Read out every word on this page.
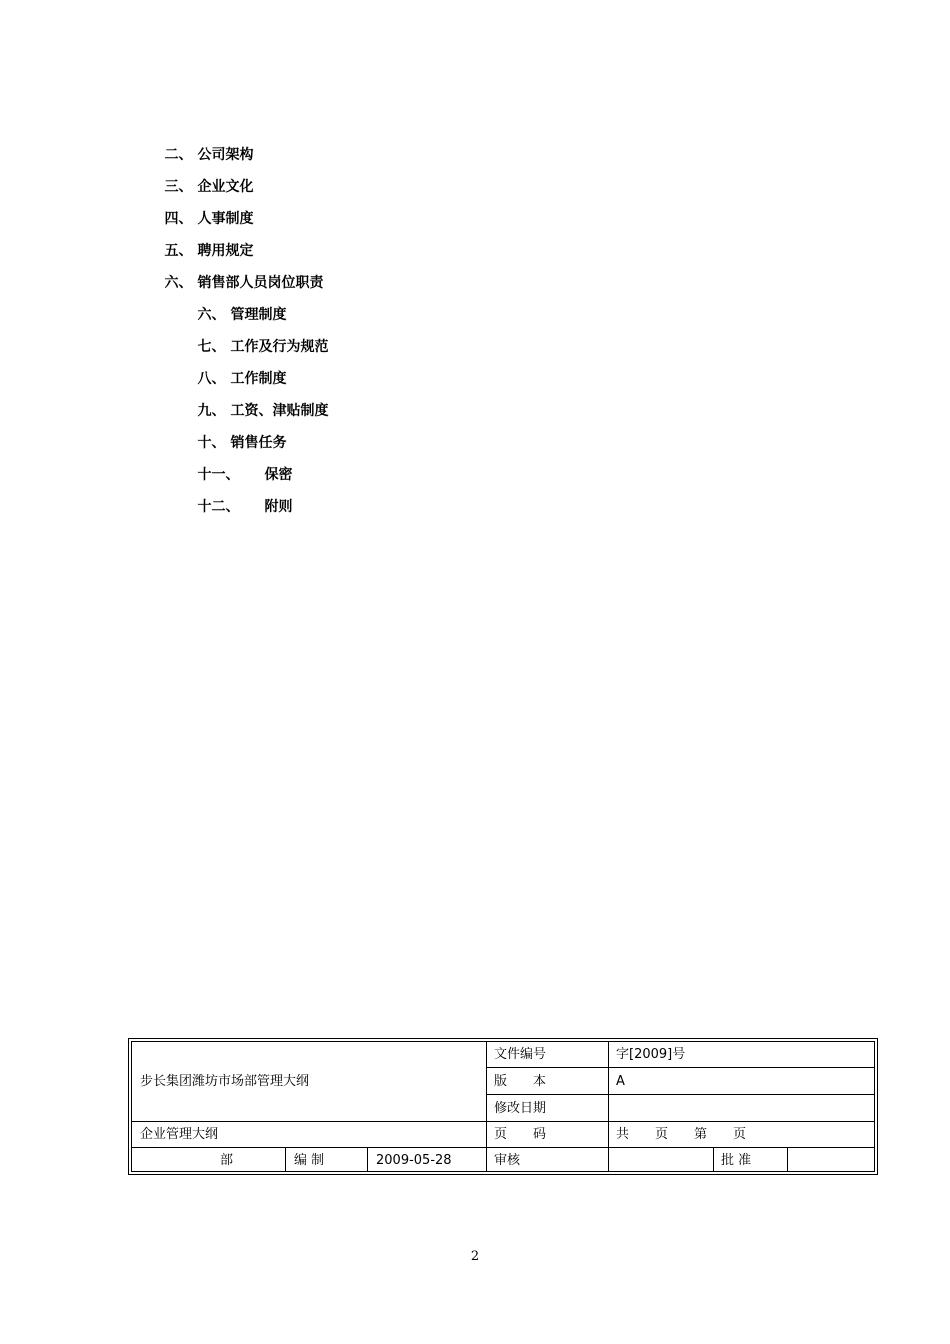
二、 公司架构

三、 企业文化

四、 人事制度

五、 聘用规定

六、 销售部人员岗位职责

六、 管理制度

七、 工作及行为规范

八、 工作制度

九、 工资、津贴制度

十、 销售任务

十一、 保密

十二、 附则

步长集团潍坊市场部管理大纲
文件编号	字[2009]号
版　　本	A
修改日期
企业管理大纲	页　　码	共　　页　　第　　页
部	编 制	2009-05-28	审核	批 准
2
